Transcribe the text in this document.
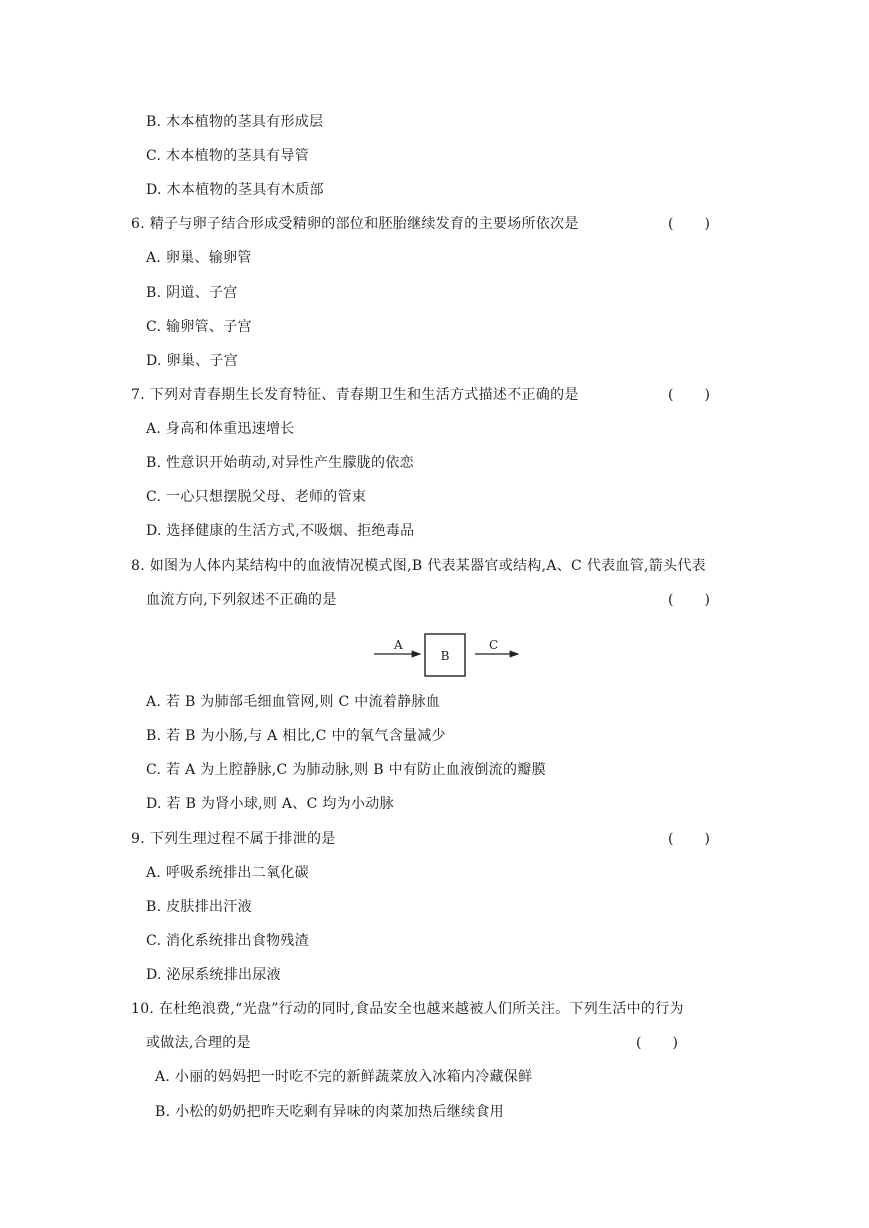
B. 木本植物的茎具有形成层
C. 木本植物的茎具有导管
D. 木本植物的茎具有木质部
6. 精子与卵子结合形成受精卵的部位和胚胎继续发育的主要场所依次是	(　　)
A. 卵巢、输卵管
B. 阴道、子宫
C. 输卵管、子宫
D. 卵巢、子宫
7. 下列对青春期生长发育特征、青春期卫生和生活方式描述不正确的是	(　　)
A. 身高和体重迅速增长
B. 性意识开始萌动,对异性产生朦胧的依恋
C. 一心只想摆脱父母、老师的管束
D. 选择健康的生活方式,不吸烟、拒绝毒品
8. 如图为人体内某结构中的血液情况模式图,B 代表某器官或结构,A、C 代表血管,箭头代表
血流方向,下列叙述不正确的是	(　　)
A
B
C
A. 若 B 为肺部毛细血管网,则 C 中流着静脉血
B. 若 B 为小肠,与 A 相比,C 中的氧气含量减少
C. 若 A 为上腔静脉,C 为肺动脉,则 B 中有防止血液倒流的瓣膜
D. 若 B 为肾小球,则 A、C 均为小动脉
9. 下列生理过程不属于排泄的是	(　　)
A. 呼吸系统排出二氧化碳
B. 皮肤排出汗液
C. 消化系统排出食物残渣
D. 泌尿系统排出尿液
10. 在杜绝浪费,“光盘”行动的同时,食品安全也越来越被人们所关注。下列生活中的行为
或做法,合理的是	(　　)
A. 小丽的妈妈把一时吃不完的新鲜蔬菜放入冰箱内冷藏保鲜
B. 小松的奶奶把昨天吃剩有异味的肉菜加热后继续食用
